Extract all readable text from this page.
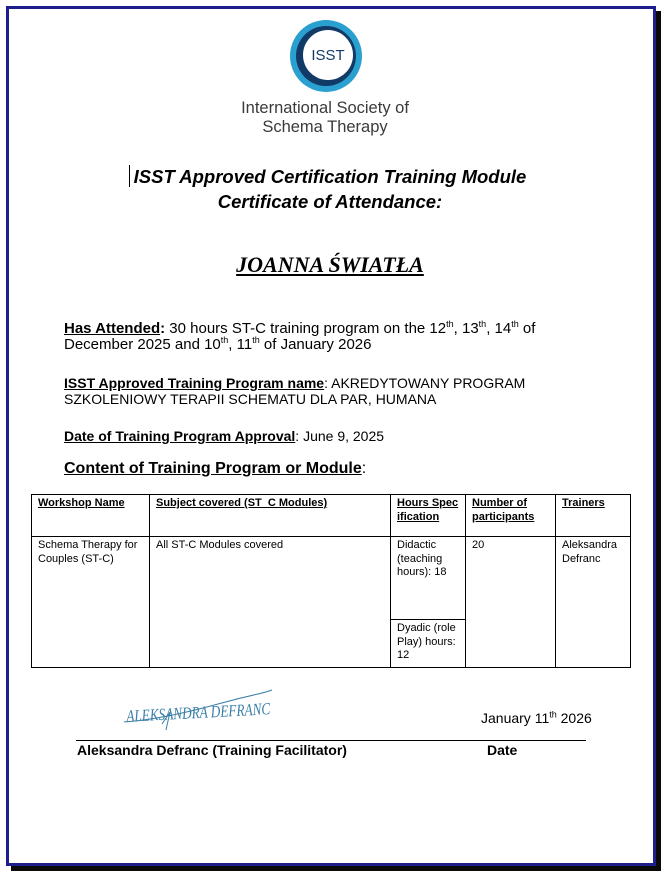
ISST
International Society of
Schema Therapy
ISST Approved Certification Training Module
Certificate of Attendance:
JOANNA ŚWIATŁA
Has Attended: 30 hours ST-C training program on the 12th, 13th, 14th of December 2025 and 10th, 11th of January 2026
ISST Approved Training Program name: AKREDYTOWANY PROGRAM SZKOLENIOWY TERAPII SCHEMATU DLA PAR, HUMANA
Date of Training Program Approval: June 9, 2025
Content of Training Program or Module:
Workshop Name	Subject covered (ST_C Modules)	Hours Specification	Number of participants	Trainers
Schema Therapy for Couples (ST-C)	All ST-C Modules covered	Didactic (teaching hours): 18	20	Aleksandra Defranc
		Dyadic (role Play) hours: 12		
ALEKSANDRA DEFRANC	January 11th 2026
Aleksandra Defranc (Training Facilitator)	Date
